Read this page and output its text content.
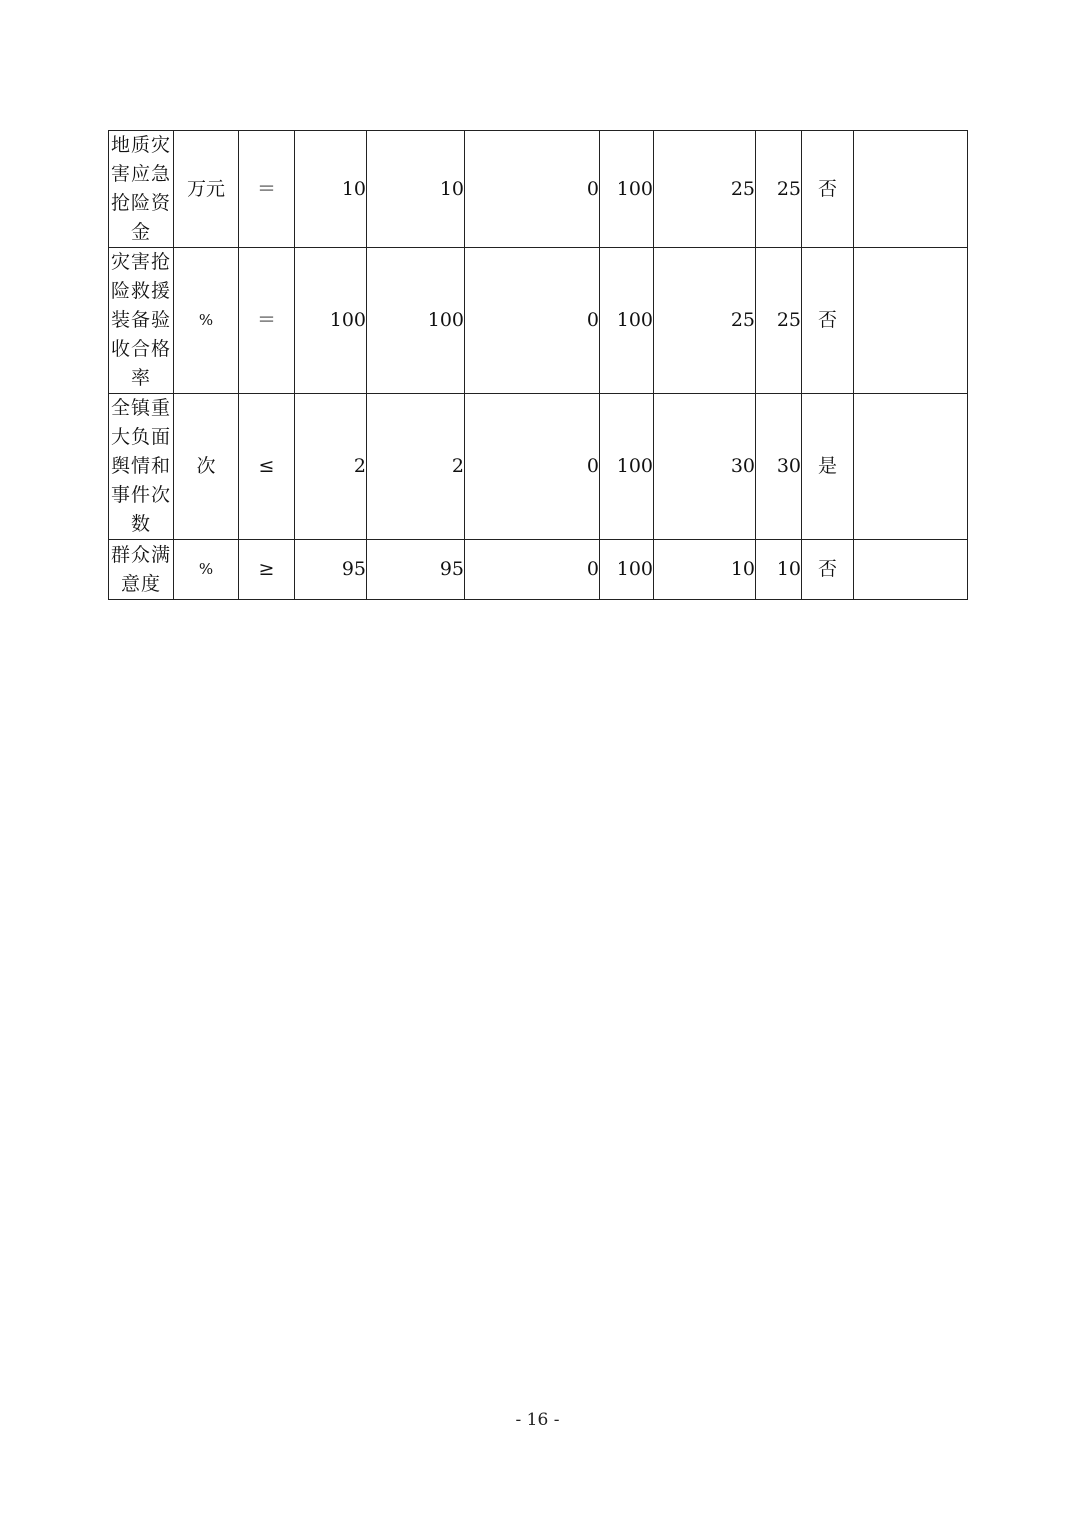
地质灾害应急抢险资金	万元	＝	10	10	0	100	25	25	否	
灾害抢险救援装备验收合格率	%	＝	100	100	0	100	25	25	否	
全镇重大负面舆情和事件次数	次	≤	2	2	0	100	30	30	是	
群众满意度	%	≥	95	95	0	100	10	10	否	
- 16 -
